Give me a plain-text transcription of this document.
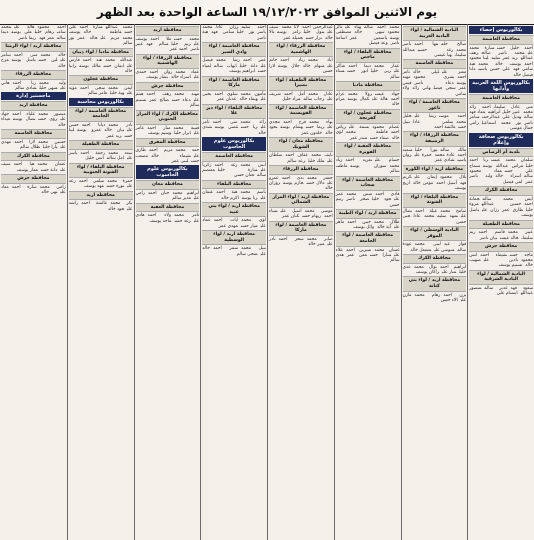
يوم الاثنين الموافق ١٩/١٢/٢٠٢٢ الساعة الواحدة بعد الظهر
بكالوريوس إحصاء
محافظة العاصمة
احمد خليل حسنسارة محمد عليمحمد ناصر صالحرهف عبداللهزيد عمر سليملينا محمود احمديوسف خالد محمدهبة سامي فهدعلي حسن ياسيندانا فيصل خالد
بكالوريوس اللغة العربية وآدابها
محافظة العاصمة
منى عادل سليماناحمد رائد محمدعبير خليل ابراهيممعاذ فهد سالمهديل علي عبدالرحمنسامر ناصرنور محمد اسماعيلرامي جمال موسى
بكالوريوس صحافة وإعلام
بلدية أم الرصاص
سلمان محمد عيسىرنا احمد خليلفراس عبدالله يوسفسماح علي حسنعماد محمود سالماسراء خالدوليد ناصر عمرلمى فيصل
محافظة الكرك
ايمن محمد سالمجمانة احمدحسين عبداللهمروة خليلطارق عمررزان عليباسل يوسف
محافظة الطفيلة
عبير محمدقاسم احمدريم سليمانخالد عيسىبيان ناصر
محافظة جرش
ماجد حسنشيماء احمدانس محمودنادين عليصهيب خالدتسنيم يوسف
البادية الشمالية / لواء البادية الشرقية
سعود فهدغدير سالممنصور عبداللهابتسام علي
البادية الشمالية / لواء البادية الغربية
صالح خلفمها احمدناصر محمدرغد حسينعبدالله سليمانهيا عيسى
محافظة العاصمة
معتز عليليلى خالدثامر احمدبشرى محمودمهند يوسفدعاء ناصرقيس عمرسجى فيصلهاني رائدولاء سامي
محافظة العاصمة / لواء ناعور
احمد موسىرشا عليخليل محمدسلمى عادلنبيل حسنعائشة احمد
محافظة الزرقاء / لواء الرصيفة
مالك سالمنورا خليلسعيد احمدغادة محمدحمزة عليروان ياسينشادي عمر
محافظة اربد / لواء الكورة
بلال محمودإيمان عليكريم فهدأسيل احمدمؤمن خالداريج يوسف
محافظة البلقاء / لواء الشونة
سامح محمدعبلة احمدنضال عليشهد سليممحمد عادلجنى حسن
البادية الوسطى / لواء الموقر
فواز عيدلبنى محمدعودة سالمسوسن عليمشعل خالد
محافظة الكرك
ابراهيم احمدنوال محمدعدي خليلمنار عليراكان يوسف
محافظة اربد / لواء بني كنانة
يزن احمدرهام محمدمازن عليالاء حسن
محمد احمد سالمهناء عليثائر محمودسهى خالدمصطفى يوسفياسمين عمراسامة ناصروعد فيصل
محافظة البلقاء / لواء ماحص
عمار محمدديما احمدشاكر عليربى خليلانور حسنسناء سالم
محافظة مادبا
جهاد عيسىرولا محمدعزام احمدهالة عليكمال يوسفمرام خالد
محافظة عجلون / لواء كفرنجة
عصام محمودبسمة عليرياض احمدفاطمة محمدلؤي خالدصفاء حسنمنذر عمر
محافظة العقبة / لواء القويرة
حسام عليتغريد احمدزياد محمدسوزان يوسفعاطف سالم
محافظة العاصمة / لواء سحاب
فادي احمدميس محمدعمر عليجود خليلصخر ناصررنيم حسن
محافظة اربد / لواء الطيبة
طلال محمدحنين احمدماهر عليآية خالدوائل يوسف
محافظة العاصمة / لواء الجامعة
غسان محمدنسرين احمدعلاء عليسارا حسنمعن عمرهدى سالم
عبدالرحمن احمدلانا محمدسيف عليبتول خليلرامز يوسفتالا خالدنزار حسنجميلة عمر
محافظة الزرقاء / لواء الهاشمية
اياد محمدرناد احمدحاتم عليسهام خالدجلال يوسفلارا حسن
محافظة الطفيلة / لواء بصيرا
عادل محمدأمل احمدشريف عليرحاب سالممراد خليل
محافظة العاصمة / لواء القويسمة
بهاء محمدفرح احمدمجدي عليريما حسنهشام يوسفنجود خالدخلدون عمر
محافظة معان / لواء الشوبك
نايف محمدعفاف احمدسلطان عليملك خليلرعد سالم
محافظة الزرقاء
جعفر محمدندى احمدعمرو عليدلال حسنحازم يوسفروزان خالد
محافظة اربد / لواء المزار الشمالي
موسى محمداسيل عليضياء احمدريهام حسنكنان عمر
محافظة العاصمة / لواء ماركا
صابر محمدسحر احمدنادر عليعبير خالد
احمد سليمرزان عادلمحمد ياسرنور خليلسامي فهدهبة ناصر
محافظة العاصمة / لواء وادي السير
عمر احمدرشا محمدفيصل عليدانة خليلايهاب سالملمياء حسنابراهيم يوسف
محافظة العاصمة / لواء ماركا
مأمون محمدسلوى احمديحيى عليهيفاء خالدعدنان عمر
محافظة البلقاء / لواء دير علا
رائد محمدمنى احمدثامر عليربا حسنقصي يوسفشذى خالد
بكالوريوس علوم الحاسوب
محافظة العاصمة
انس محمدرغد احمدزكريا عليسارة خليلمعتصم سالمجنان حسن
محافظة البلقاء
باسم محمدهبة احمدعثمان عليرنا يوسفاكرم خالد
محافظة اربد / لواء بني عبيد
لؤي محمدايات احمدعماد عليميار حسنمهدي عمر
محافظة اربد / لواء الوسطية
نبيل محمدسمر احمدخالد عليضحى سالم
محافظة اربد
محمد حسنعلا احمديوسف عليريم خليلسالم فهدعبير ناصراحمد عمر
محافظة الزرقاء / لواء الهاشمية
عماد محمدروان احمدحمدي علياسراء خالدبشار يوسف
محافظة جرش
مهند محمدرهف احمدهيثم عليدعاء حسنصالح عمرتسنيم سالم
محافظة الكرك / لواء المزار الجنوبي
قتيبة محمدمنار احمدعامر عليابرار خليلوسيم يوسف
محافظة المفرق
حمد محمدمريم احمدطارق عليشيماء خالدمصعب حسنلبنى عمر
بكالوريوس علوم الحاسوب
محافظة معان
ابراهيم محمدحنان احمدرامي عليغدير سالم
محافظة العقبة
ثامر محمدولاء احمدهادي عليرغد حسنماجد يوسف
محمد عبداللهسارة احمدعلي حسنفاطمة خالديوسف محمدمريم عليخالد عمرنور سالم
محافظة مادبا / لواء ذيبان
عبدالله محمدهند احمدفارس عليايمان حسنمالك يوسفرانيا خالد
محافظة عجلون
ايمن محمدسجى احمدمؤيد عليهبة خليلعامر سالم
بكالوريوس محاسبة
محافظة العاصمة / لواء الجامعة
نادر محمدديانا احمدحسن عليبيان خالدعمرو يوسفلينا حسنزيد عمر
محافظة الطفيلة
سعد محمدرحمة احمدياسر عليامل سالمانس خليل
محافظة البلقاء / لواء الشونة الجنوبية
حمزة محمدسلمى احمدرعد علينورة حسنفهد يوسف
محافظة اربد
بكر محمدعائشة احمدراشد عليجود خالد
احمد محمودهالة عليمحمد ساميرهام خليلعلي يوسفديما سالمعمر فهدريما ناصر
محافظة اربد / لواء الرمثا
خالد محمدمنى احمدسامر عليلين حسنباسل يوسفمرح خالد
محافظة الزرقاء
وليد محمدرنا احمدهاني عليسهى خليلشادي سالم
ماجستير إدارة
محافظة اربد
منصور محمدعلياء احمدجهاد عليرؤى حسننضال يوسفغيداء خالد
محافظة العاصمة
حسين محمدلارا احمدمهدي علييارا خليلطلال سالم
محافظة الكرك
عثمان محمدهيا احمدسيف عليدانة حسنعمار يوسف
محافظة جرش
رامي محمدسارة احمدمعاذ علينهى خالد
